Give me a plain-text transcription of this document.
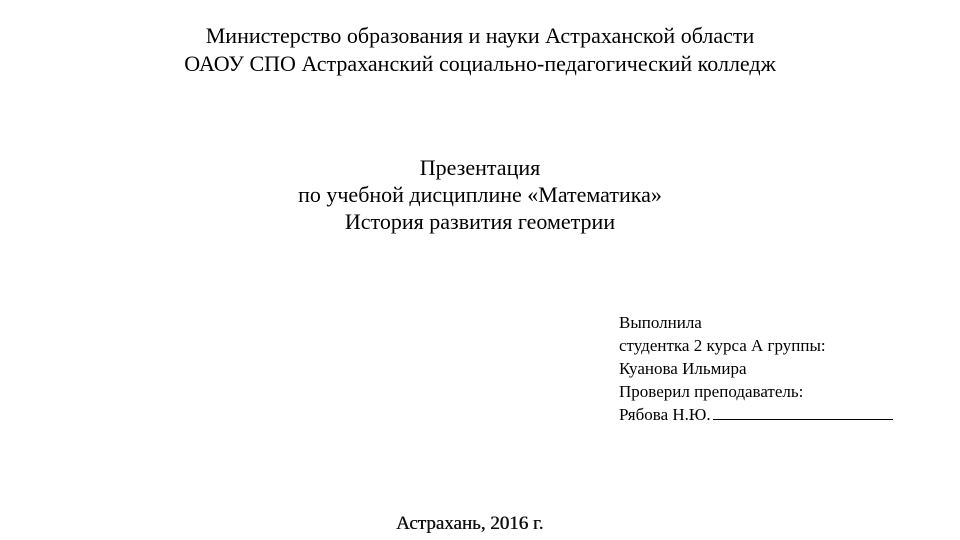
Министерство образования и науки Астраханской области
ОАОУ СПО Астраханский социально-педагогический колледж
Презентация
по учебной дисциплине «Математика»
История развития геометрии
Выполнила
студентка 2 курса А группы:
Куанова Ильмира
Проверил преподаватель:
Рябова Н.Ю.
Астрахань, 2016 г.
